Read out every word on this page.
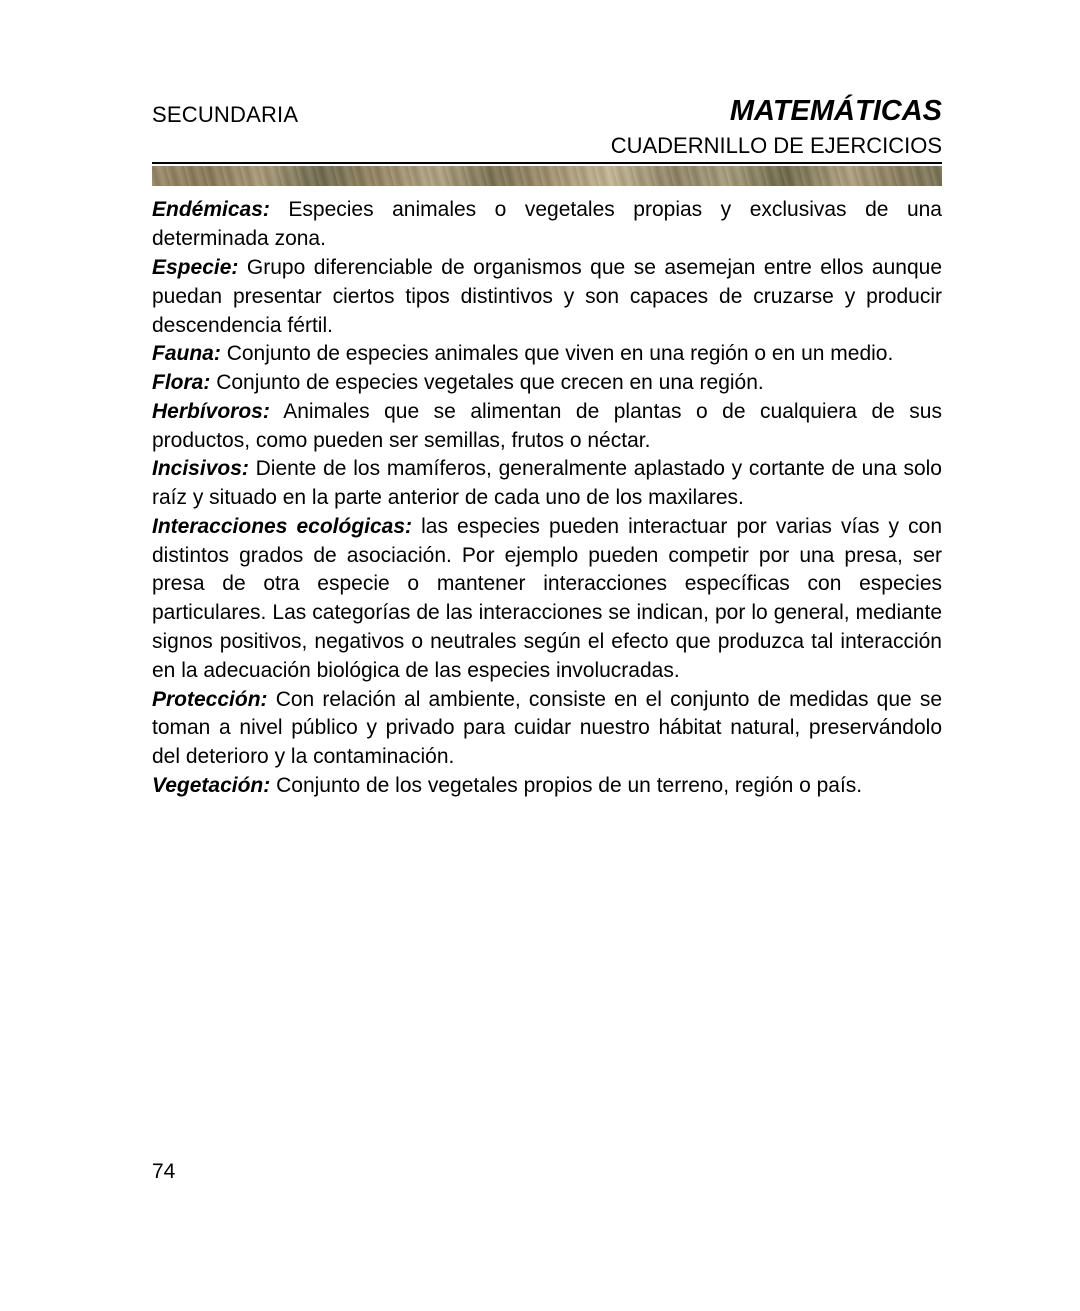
SECUNDARIA	MATEMÁTICAS
CUADERNILLO DE EJERCICIOS

Endémicas: Especies animales o vegetales propias y exclusivas de una determinada zona.

Especie: Grupo diferenciable de organismos que se asemejan entre ellos aunque puedan presentar ciertos tipos distintivos y son capaces de cruzarse y producir descendencia fértil.

Fauna: Conjunto de especies animales que viven en una región o en un medio.

Flora: Conjunto de especies vegetales que crecen en una región.

Herbívoros: Animales que se alimentan de plantas o de cualquiera de sus productos, como pueden ser semillas, frutos o néctar.

Incisivos: Diente de los mamíferos, generalmente aplastado y cortante de una solo raíz y situado en la parte anterior de cada uno de los maxilares.

Interacciones ecológicas: las especies pueden interactuar por varias vías y con distintos grados de asociación. Por ejemplo pueden competir por una presa, ser presa de otra especie o mantener interacciones específicas con especies particulares. Las categorías de las interacciones se indican, por lo general, mediante signos positivos, negativos o neutrales según el efecto que produzca tal interacción en la adecuación biológica de las especies involucradas.

Protección: Con relación al ambiente, consiste en el conjunto de medidas que se toman a nivel público y privado para cuidar nuestro hábitat natural, preservándolo del deterioro y la contaminación.

Vegetación: Conjunto de los vegetales propios de un terreno, región o país.

74
